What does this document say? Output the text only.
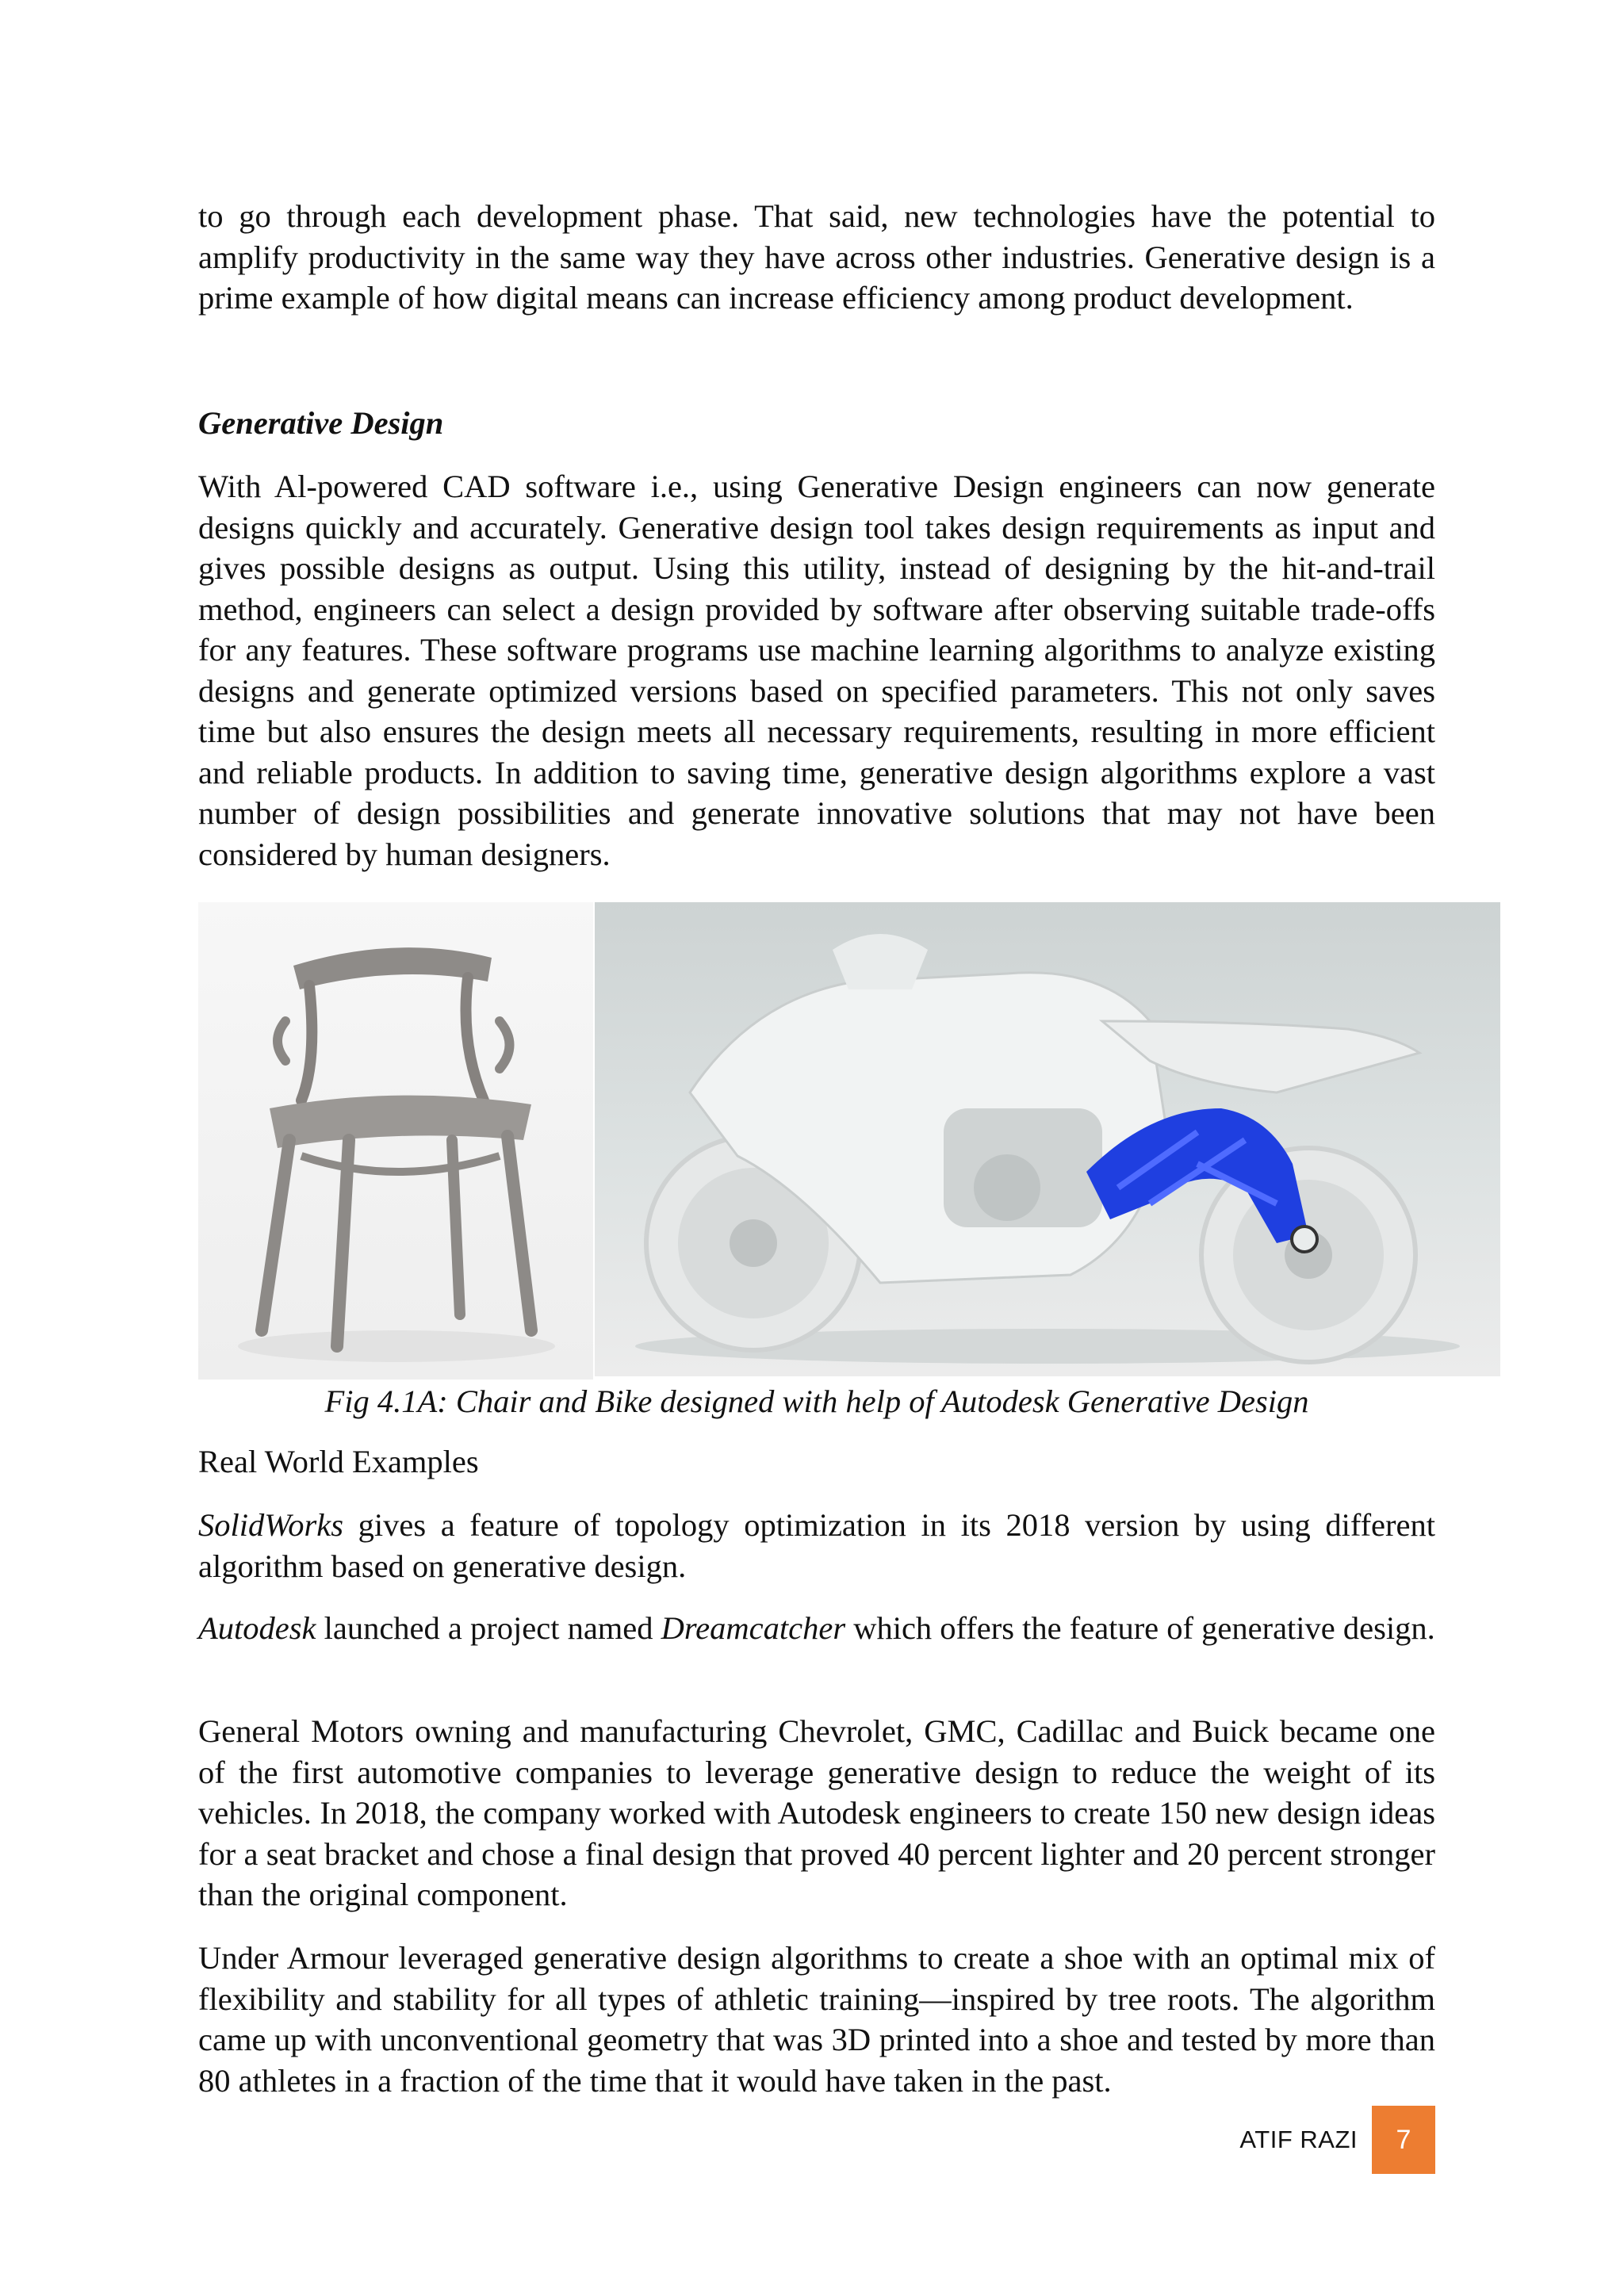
to go through each development phase. That said, new technologies have the potential to amplify productivity in the same way they have across other industries. Generative design is a prime example of how digital means can increase efficiency among product development.

Generative Design

With Al-powered CAD software i.e., using Generative Design engineers can now generate designs quickly and accurately. Generative design tool takes design requirements as input and gives possible designs as output. Using this utility, instead of designing by the hit-and-trail method, engineers can select a design provided by software after observing suitable trade-offs for any features. These software programs use machine learning algorithms to analyze existing designs and generate optimized versions based on specified parameters. This not only saves time but also ensures the design meets all necessary requirements, resulting in more efficient and reliable products. In addition to saving time, generative design algorithms explore a vast number of design possibilities and generate innovative solutions that may not have been considered by human designers.

Fig 4.1A: Chair and Bike designed with help of Autodesk Generative Design

Real World Examples

SolidWorks gives a feature of topology optimization in its 2018 version by using different algorithm based on generative design.

Autodesk launched a project named Dreamcatcher which offers the feature of generative design.

General Motors owning and manufacturing Chevrolet, GMC, Cadillac and Buick became one of the first automotive companies to leverage generative design to reduce the weight of its vehicles. In 2018, the company worked with Autodesk engineers to create 150 new design ideas for a seat bracket and chose a final design that proved 40 percent lighter and 20 percent stronger than the original component.

Under Armour leveraged generative design algorithms to create a shoe with an optimal mix of flexibility and stability for all types of athletic training—inspired by tree roots. The algorithm came up with unconventional geometry that was 3D printed into a shoe and tested by more than 80 athletes in a fraction of the time that it would have taken in the past.

ATIF RAZI	7
